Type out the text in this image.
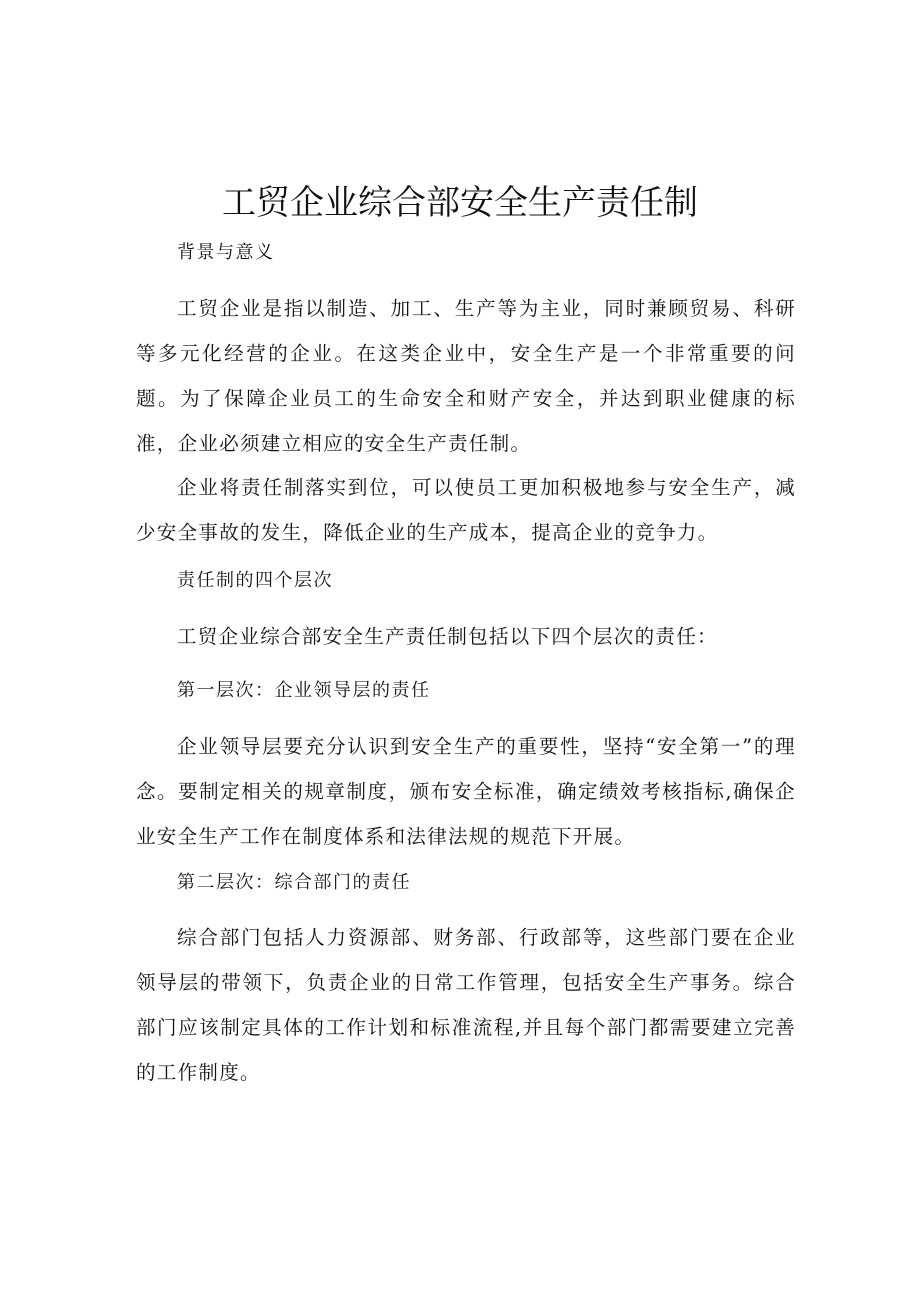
工贸企业综合部安全生产责任制
背景与意义
工贸企业是指以制造、加工、生产等为主业，同时兼顾贸易、科研等多元化经营的企业。在这类企业中，安全生产是一个非常重要的问题。为了保障企业员工的生命安全和财产安全，并达到职业健康的标准，企业必须建立相应的安全生产责任制。
企业将责任制落实到位，可以使员工更加积极地参与安全生产，减少安全事故的发生，降低企业的生产成本，提高企业的竞争力。
责任制的四个层次
工贸企业综合部安全生产责任制包括以下四个层次的责任：
第一层次：企业领导层的责任
企业领导层要充分认识到安全生产的重要性，坚持“安全第一”的理念。要制定相关的规章制度，颁布安全标准，确定绩效考核指标,确保企业安全生产工作在制度体系和法律法规的规范下开展。
第二层次：综合部门的责任
综合部门包括人力资源部、财务部、行政部等，这些部门要在企业领导层的带领下，负责企业的日常工作管理，包括安全生产事务。综合部门应该制定具体的工作计划和标准流程,并且每个部门都需要建立完善的工作制度。
